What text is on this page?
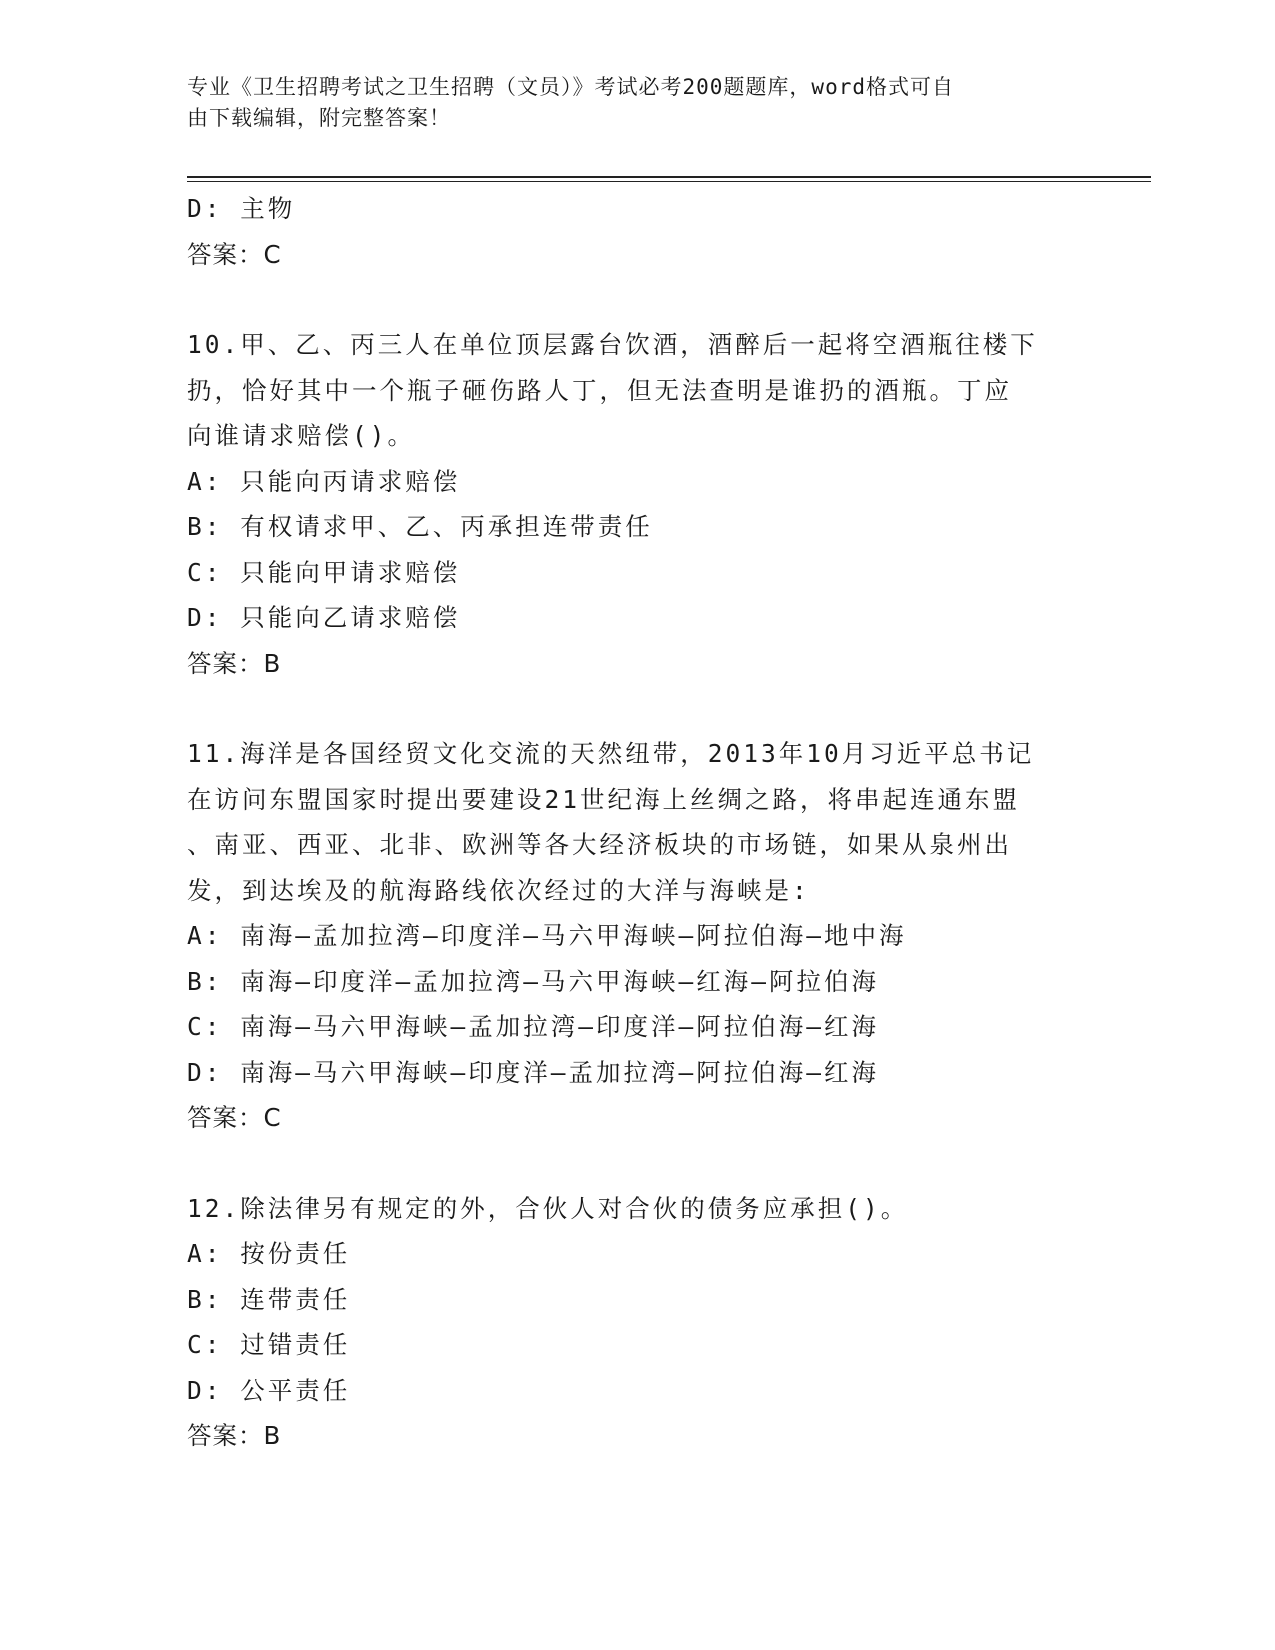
专业《卫生招聘考试之卫生招聘（文员）》考试必考200题题库，word格式可自
由下载编辑，附完整答案！
D: 主物
答案：C
10.甲、乙、丙三人在单位顶层露台饮酒，酒醉后一起将空酒瓶往楼下
扔，恰好其中一个瓶子砸伤路人丁，但无法查明是谁扔的酒瓶。丁应
向谁请求赔偿()。
A: 只能向丙请求赔偿
B: 有权请求甲、乙、丙承担连带责任
C: 只能向甲请求赔偿
D: 只能向乙请求赔偿
答案：B
11.海洋是各国经贸文化交流的天然纽带，2013年10月习近平总书记
在访问东盟国家时提出要建设21世纪海上丝绸之路，将串起连通东盟
、南亚、西亚、北非、欧洲等各大经济板块的市场链，如果从泉州出
发，到达埃及的航海路线依次经过的大洋与海峡是:
A: 南海—孟加拉湾—印度洋—马六甲海峡—阿拉伯海—地中海
B: 南海—印度洋—孟加拉湾—马六甲海峡—红海—阿拉伯海
C: 南海—马六甲海峡—孟加拉湾—印度洋—阿拉伯海—红海
D: 南海—马六甲海峡—印度洋—孟加拉湾—阿拉伯海—红海
答案：C
12.除法律另有规定的外，合伙人对合伙的债务应承担()。
A: 按份责任
B: 连带责任
C: 过错责任
D: 公平责任
答案：B
